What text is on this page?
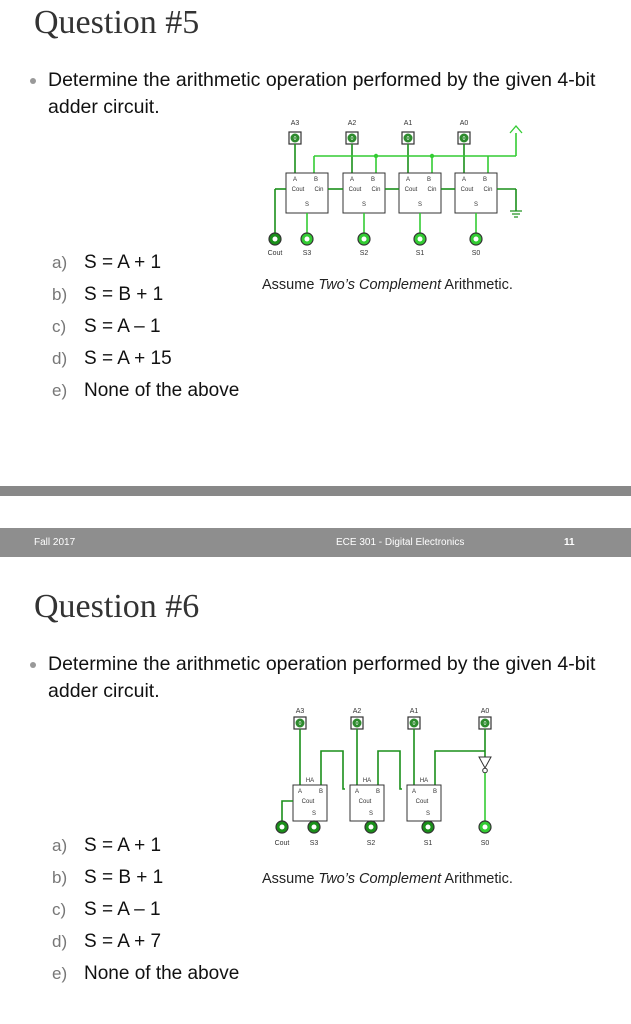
Question #5

Determine the arithmetic operation performed by the given 4-bit adder circuit.

A3	A2	A1	A0
0	0	0	0
A	B	A	B	A	B	A	B
Cout Cin	Cout Cin	Cout Cin	Cout Cin
S	S	S	S
Cout	S3	S2	S1	S0
a) S = A + 1
b) S = B + 1
c) S = A – 1
d) S = A + 15
e) None of the above
Assume Two’s Complement Arithmetic.
Fall 2017	ECE 301 - Digital Electronics	11
Question #6

Determine the arithmetic operation performed by the given 4-bit adder circuit.

A3	A2	A1	A0
0	0	0	0
HA	HA	HA
A	B	A	B	A	B
Cout	Cout	Cout
S	S	S
Cout	S3	S2	S1	S0
a) S = A + 1
b) S = B + 1
c) S = A – 1
d) S = A + 7
e) None of the above
Assume Two’s Complement Arithmetic.
